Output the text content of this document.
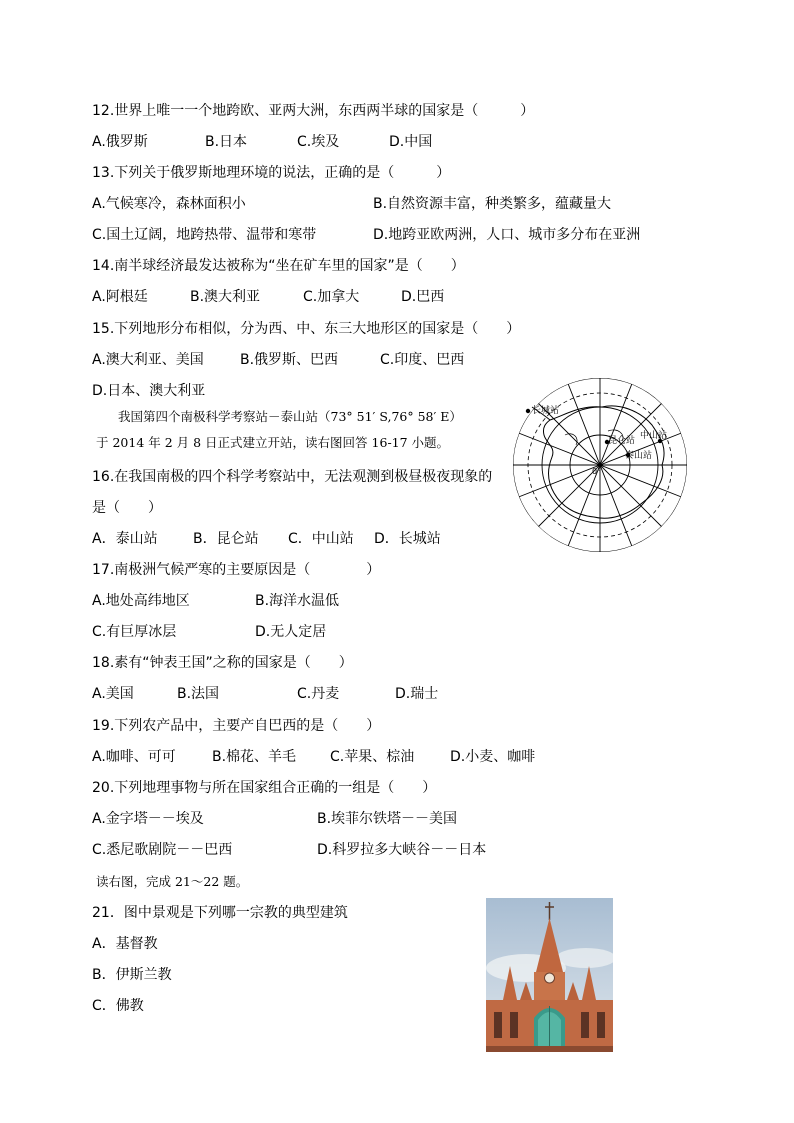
12.世界上唯一一个地跨欧、亚两大洲，东西两半球的国家是（　　　）
A.俄罗斯	B.日本	C.埃及	D.中国
13.下列关于俄罗斯地理环境的说法，正确的是（　　　）
A.气候寒冷，森林面积小	B.自然资源丰富，种类繁多，蕴藏量大
C.国土辽阔，地跨热带、温带和寒带	D.地跨亚欧两洲，人口、城市多分布在亚洲
14.南半球经济最发达被称为“坐在矿车里的国家”是（　　）
A.阿根廷	B.澳大利亚	C.加拿大	D.巴西
15.下列地形分布相似，分为西、中、东三大地形区的国家是（　　）
A.澳大利亚、美国	B.俄罗斯、巴西	C.印度、巴西
D.日本、澳大利亚
我国第四个南极科学考察站－泰山站（73° 51′ S,76° 58′ E）
于 2014 年 2 月 8 日正式建立开站，读右图回答 16-17 小题。
16.在我国南极的四个科学考察站中，无法观测到极昼极夜现象的
是（　　）
A．泰山站	B．昆仑站 C．中山站 D．长城站
长城站
昆仑站 中山站
泰山站
0°
17.南极洲气候严寒的主要原因是（　　　　）
A.地处高纬地区	B.海洋水温低
C.有巨厚冰层	D.无人定居
18.素有“钟表王国”之称的国家是（　　）
A.美国	B.法国	C.丹麦	D.瑞士
19.下列农产品中，主要产自巴西的是（　　）
A.咖啡、可可	B.棉花、羊毛 C.苹果、棕油	D.小麦、咖啡
20.下列地理事物与所在国家组合正确的一组是（　　）
A.金字塔－－埃及	B.埃菲尔铁塔－－美国
C.悉尼歌剧院－－巴西	D.科罗拉多大峡谷－－日本
读右图，完成 21～22 题。
21．图中景观是下列哪一宗教的典型建筑
A．基督教
B．伊斯兰教
C．佛教
